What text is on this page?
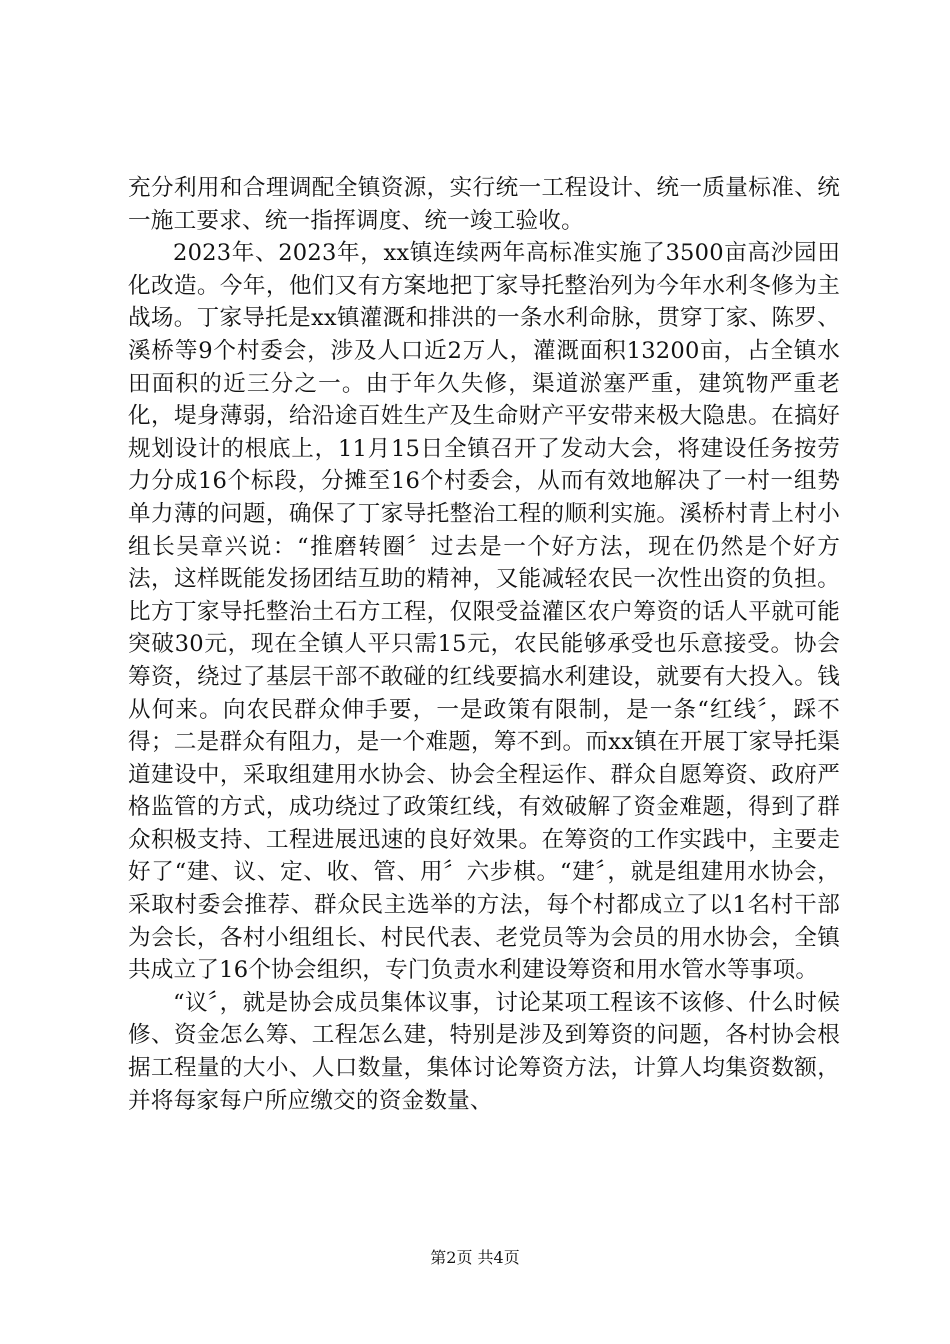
充分利用和合理调配全镇资源，实行统一工程设计、统一质量标准、统一施工要求、统一指挥调度、统一竣工验收。

2023年、2023年，xx镇连续两年高标准实施了3500亩高沙园田化改造。今年，他们又有方案地把丁家导托整治列为今年水利冬修为主战场。丁家导托是xx镇灌溉和排洪的一条水利命脉，贯穿丁家、陈罗、溪桥等9个村委会，涉及人口近2万人，灌溉面积13200亩，占全镇水田面积的近三分之一。由于年久失修，渠道淤塞严重，建筑物严重老化，堤身薄弱，给沿途百姓生产及生命财产平安带来极大隐患。在搞好规划设计的根底上，11月15日全镇召开了发动大会，将建设任务按劳力分成16个标段，分摊至16个村委会，从而有效地解决了一村一组势单力薄的问题，确保了丁家导托整治工程的顺利实施。溪桥村青上村小组长吴章兴说：“推磨转圈〞过去是一个好方法，现在仍然是个好方法，这样既能发扬团结互助的精神，又能减轻农民一次性出资的负担。比方丁家导托整治土石方工程，仅限受益灌区农户筹资的话人平就可能突破30元，现在全镇人平只需15元，农民能够承受也乐意接受。协会筹资，绕过了基层干部不敢碰的红线要搞水利建设，就要有大投入。钱从何来。向农民群众伸手要，一是政策有限制，是一条“红线〞，踩不得；二是群众有阻力，是一个难题，筹不到。而xx镇在开展丁家导托渠道建设中，采取组建用水协会、协会全程运作、群众自愿筹资、政府严格监管的方式，成功绕过了政策红线，有效破解了资金难题，得到了群众积极支持、工程进展迅速的良好效果。在筹资的工作实践中，主要走好了“建、议、定、收、管、用〞六步棋。“建〞，就是组建用水协会，采取村委会推荐、群众民主选举的方法，每个村都成立了以1名村干部为会长，各村小组组长、村民代表、老党员等为会员的用水协会，全镇共成立了16个协会组织，专门负责水利建设筹资和用水管水等事项。

“议〞，就是协会成员集体议事，讨论某项工程该不该修、什么时候修、资金怎么筹、工程怎么建，特别是涉及到筹资的问题，各村协会根据工程量的大小、人口数量，集体讨论筹资方法，计算人均集资数额，并将每家每户所应缴交的资金数量、

第2页 共4页
